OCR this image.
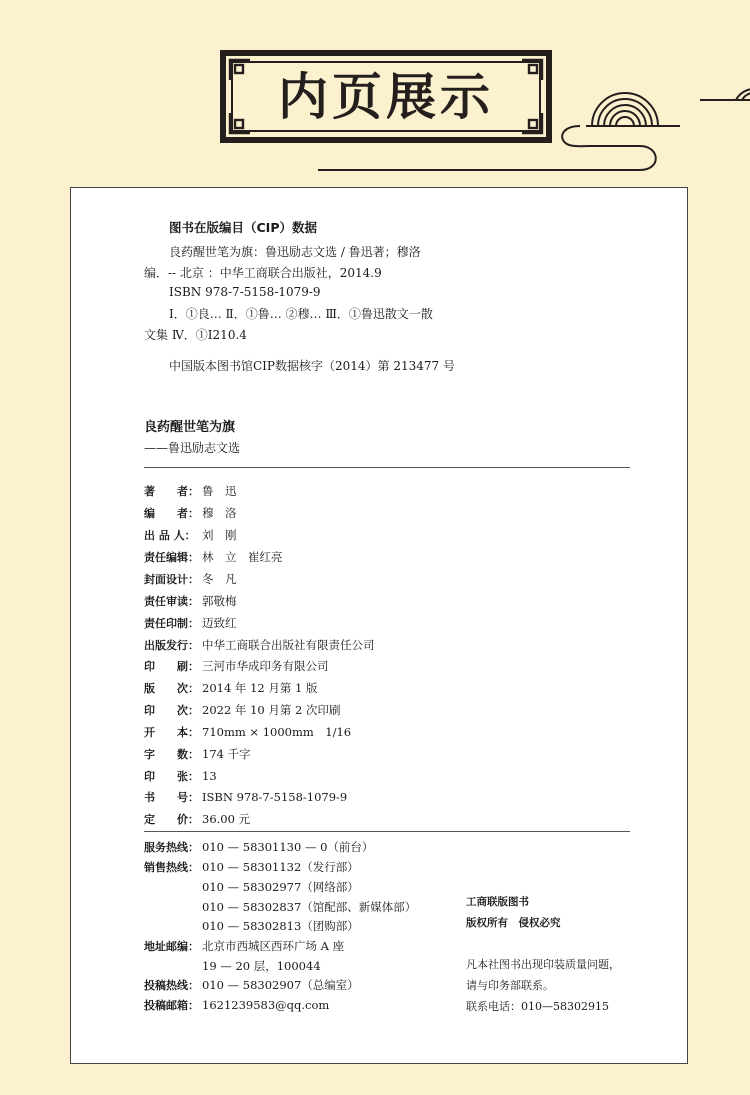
内页展示
图书在版编目（CIP）数据
良药醒世笔为旗：鲁迅励志文选 / 鲁迅著；穆洛
编．-- 北京 ：中华工商联合出版社，2014.9
ISBN 978-7-5158-1079-9
Ⅰ．①良… Ⅱ．①鲁… ②穆… Ⅲ．①鲁迅散文一散
文集 Ⅳ．①I210.4
中国版本图书馆CIP数据核字（2014）第 213477 号
良药醒世笔为旗
——鲁迅励志文选
著　　者： 鲁　迅
编　　者： 穆　洛
出 品 人： 刘　刚
责任编辑： 林　立　崔红亮
封面设计： 冬　凡
责任审读： 郭敬梅
责任印制： 迈致红
出版发行： 中华工商联合出版社有限责任公司
印　　刷： 三河市华成印务有限公司
版　　次： 2014 年 12 月第 1 版
印　　次： 2022 年 10 月第 2 次印刷
开　　本： 710mm × 1000mm　1/16
字　　数： 174 千字
印　　张： 13
书　　号： ISBN 978-7-5158-1079-9
定　　价： 36.00 元
服务热线： 010 — 58301130 — 0（前台）
销售热线： 010 — 58301132（发行部）
010 — 58302977（网络部）
010 — 58302837（馆配部、新媒体部）
010 — 58302813（团购部）
地址邮编： 北京市西城区西环广场 A 座
19 — 20 层，100044
投稿热线： 010 — 58302907（总编室）
投稿邮箱： 1621239583@qq.com
工商联版图书
版权所有　侵权必究
凡本社图书出现印装质量问题，
请与印务部联系。
联系电话：010—58302915
